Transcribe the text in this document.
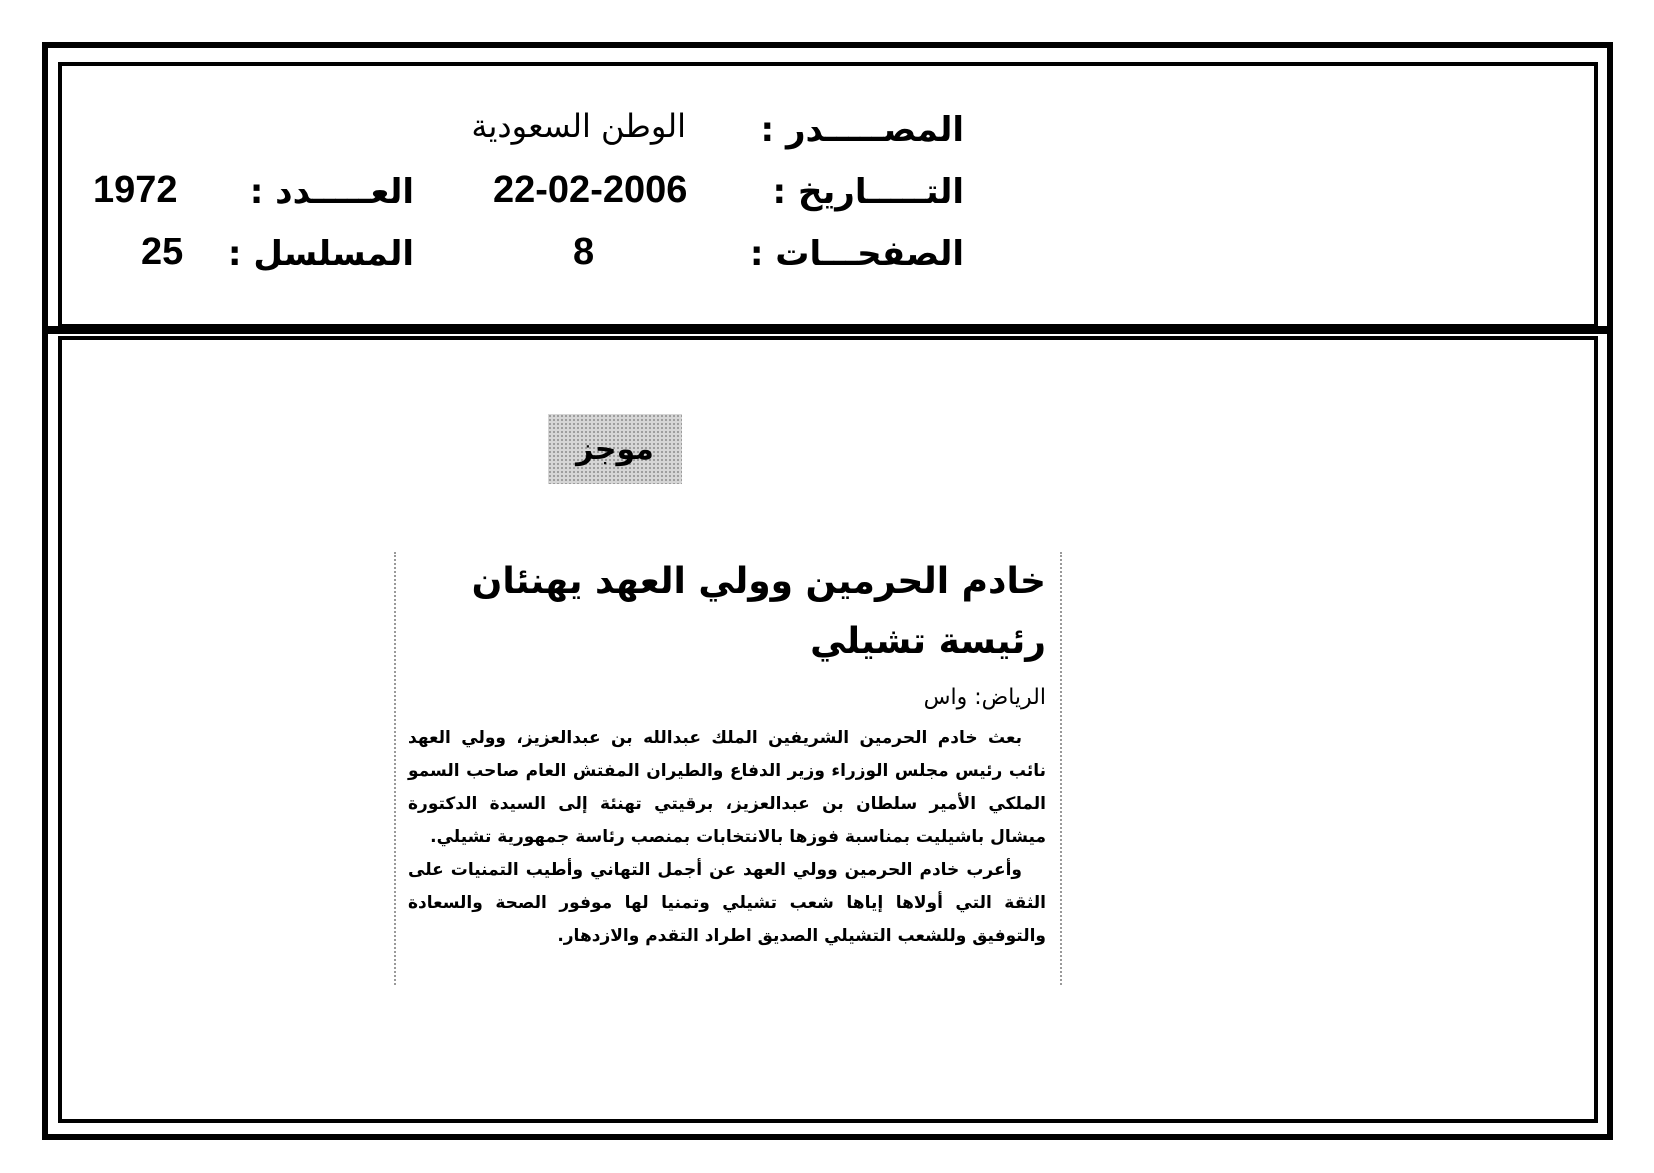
المصـــــدر :
التـــــاريخ :
الصفحـــات :
الوطن السعودية
22-02-2006
8
العـــــدد :
المسلسل :
1972
25
موجز
خادم الحرمين وولي العهد يهنئان رئيسة تشيلي
الرياض: واس

بعث خادم الحرمين الشريفين الملك عبدالله بن عبدالعزيز، وولي العهد نائب رئيس مجلس الوزراء وزير الدفاع والطيران المفتش العام صاحب السمو الملكي الأمير سلطان بن عبدالعزيز، برقيتي تهنئة إلى السيدة الدكتورة ميشال باشيليت بمناسبة فوزها بالانتخابات بمنصب رئاسة جمهورية تشيلي.

وأعرب خادم الحرمين وولي العهد عن أجمل التهاني وأطيب التمنيات على الثقة التي أولاها إياها شعب تشيلي وتمنيا لها موفور الصحة والسعادة والتوفيق وللشعب التشيلي الصديق اطراد التقدم والازدهار.
